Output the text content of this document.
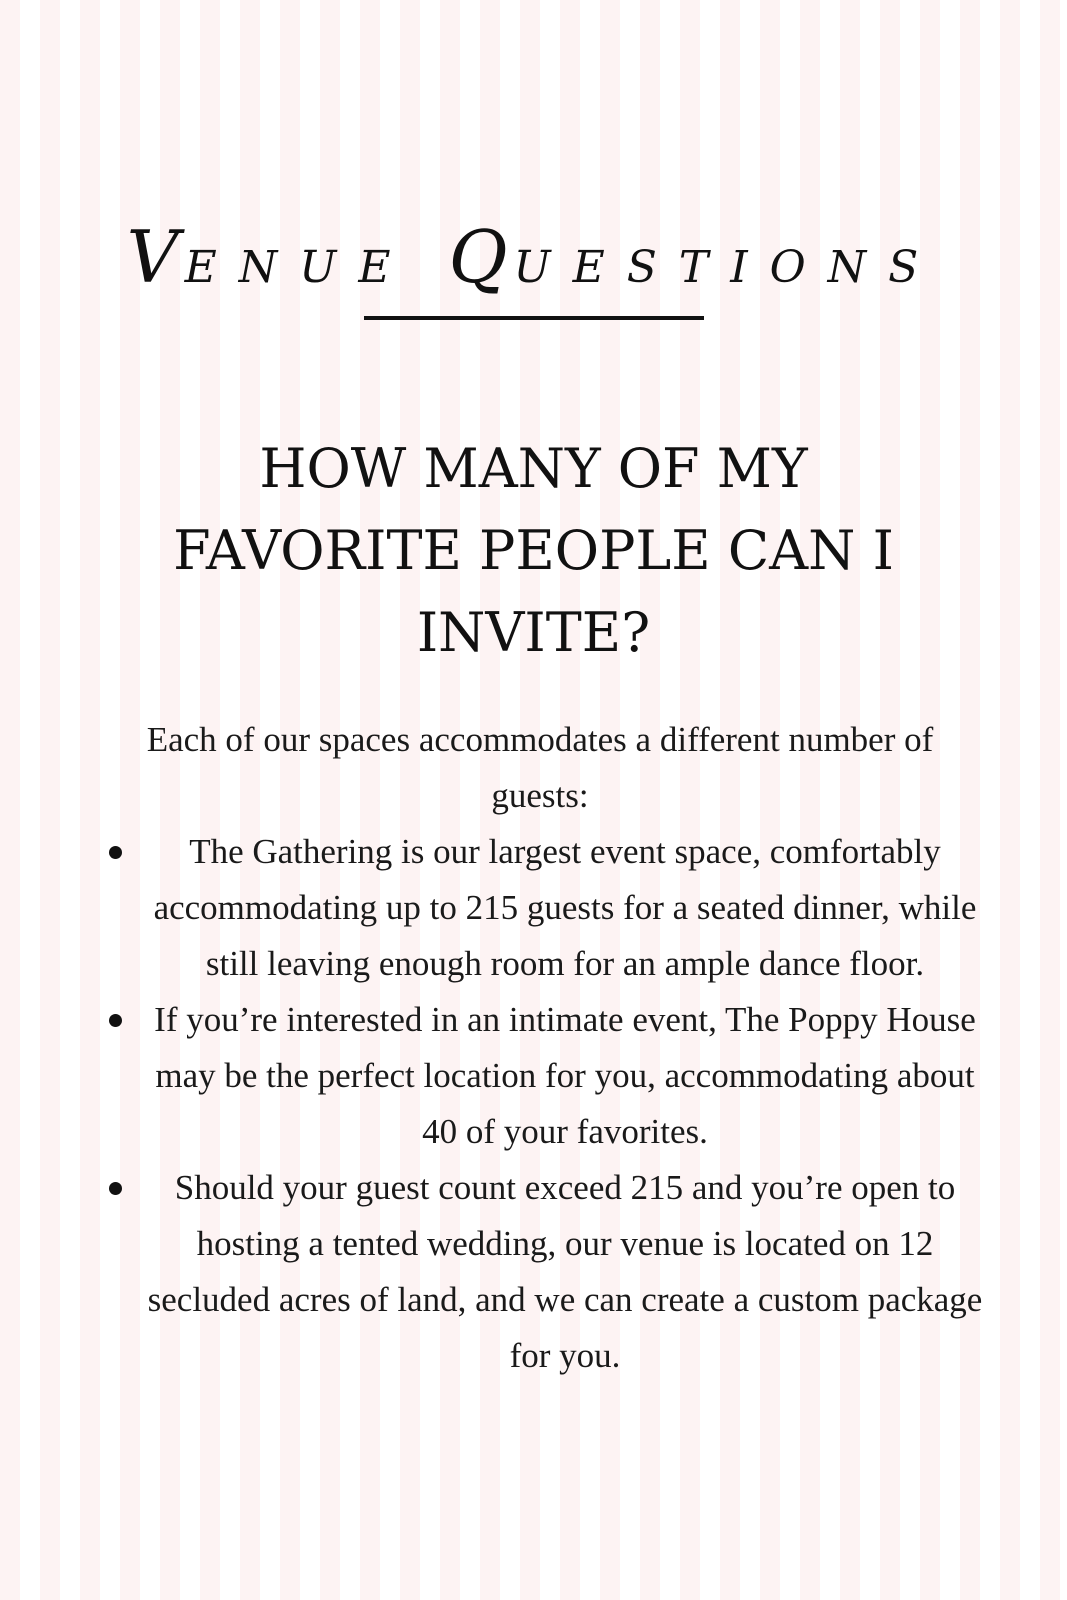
VENUE QUESTIONS
HOW MANY OF MY
FAVORITE PEOPLE CAN I
INVITE?

Each of our spaces accommodates a different number of guests:

The Gathering is our largest event space, comfortably accommodating up to 215 guests for a seated dinner, while still leaving enough room for an ample dance floor.
If you’re interested in an intimate event, The Poppy House may be the perfect location for you, accommodating about 40 of your favorites.
Should your guest count exceed 215 and you’re open to hosting a tented wedding, our venue is located on 12 secluded acres of land, and we can create a custom package for you.
